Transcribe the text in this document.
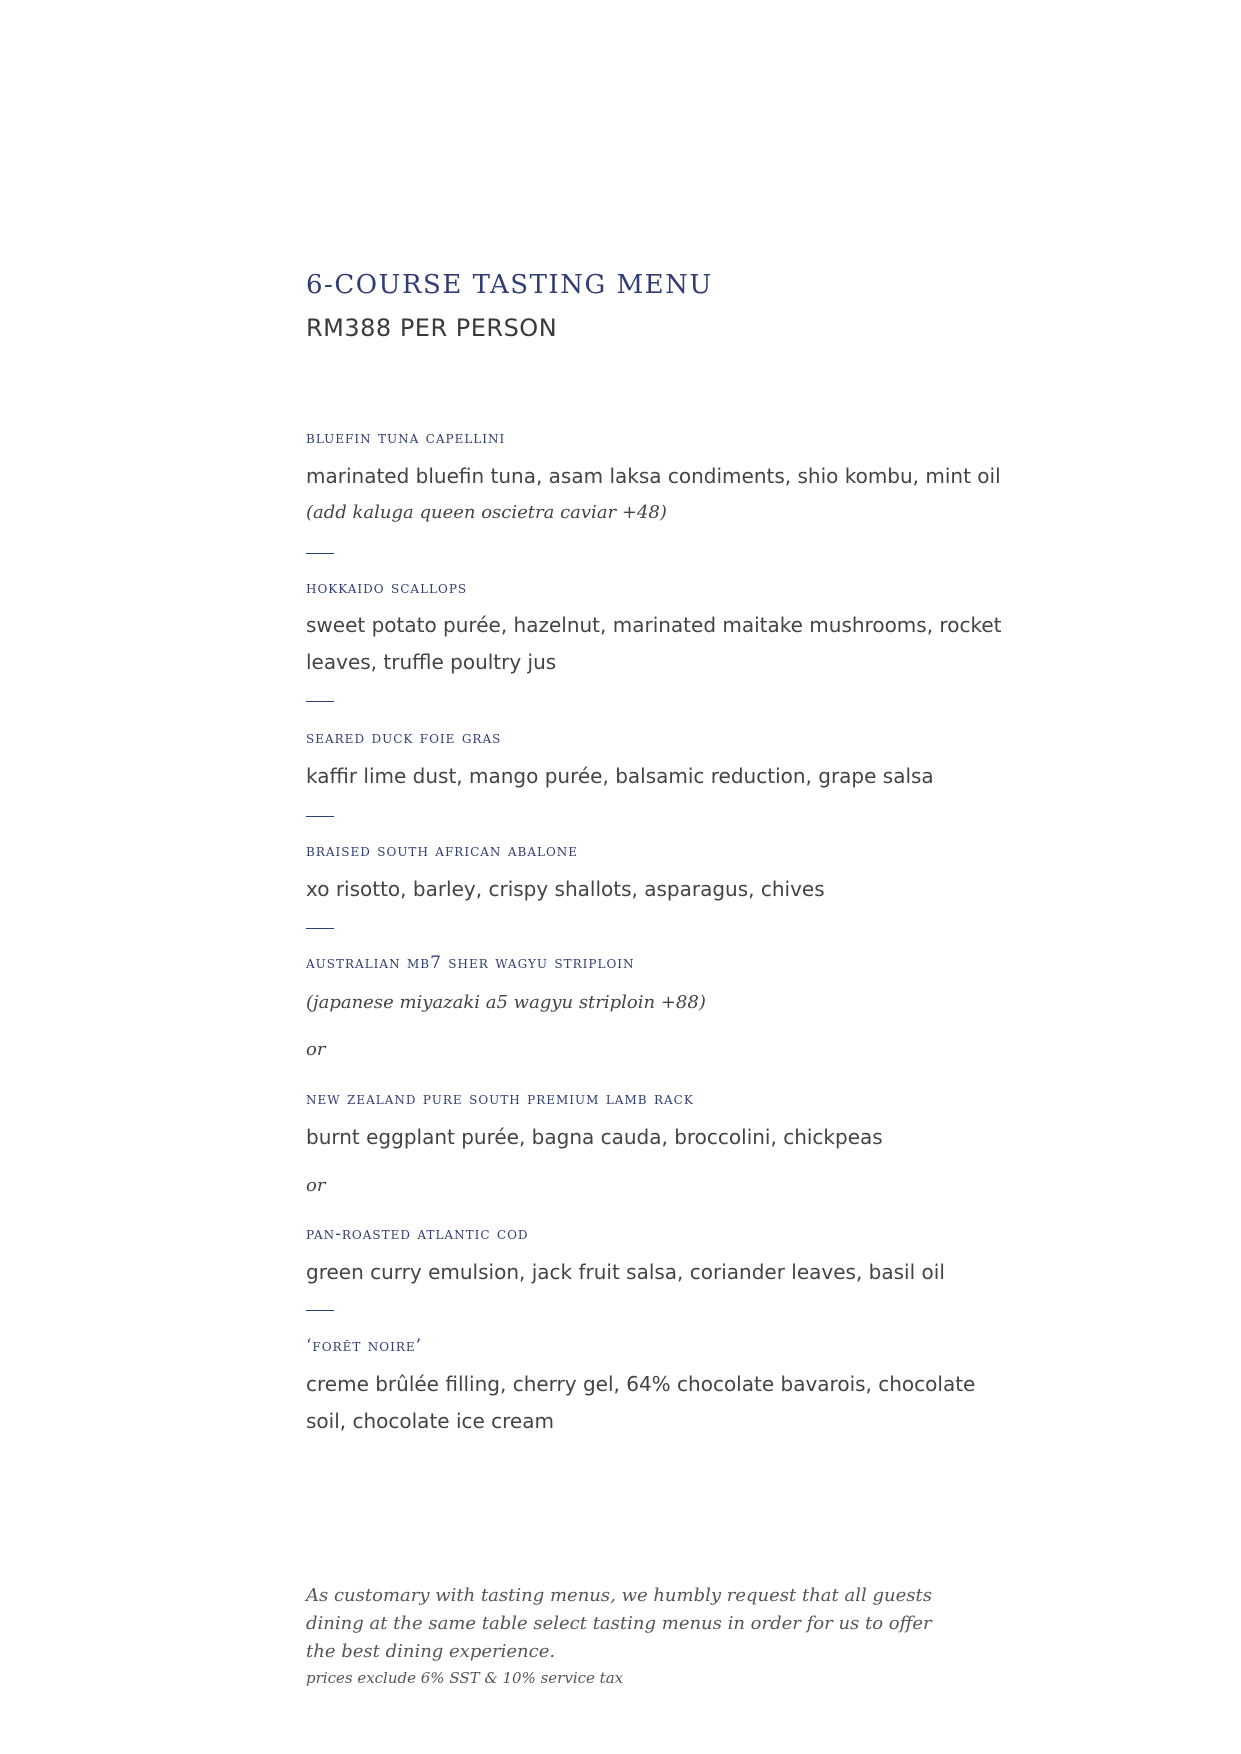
6-COURSE TASTING MENU
RM388 PER PERSON
bluefin tuna capellini
marinated bluefin tuna, asam laksa condiments, shio kombu, mint oil
(add kaluga queen oscietra caviar +48)
hokkaido scallops
sweet potato purée, hazelnut, marinated maitake mushrooms, rocket leaves, truffle poultry jus
seared duck foie gras
kaffir lime dust, mango purée, balsamic reduction, grape salsa
braised south african abalone
xo risotto, barley, crispy shallots, asparagus, chives
australian mb7 sher wagyu striploin
(japanese miyazaki a5 wagyu striploin +88)
or
new zealand pure south premium lamb rack
burnt eggplant purée, bagna cauda, broccolini, chickpeas
or
pan-roasted atlantic cod
green curry emulsion, jack fruit salsa, coriander leaves, basil oil
‘forêt noire’
creme brûlée filling, cherry gel, 64% chocolate bavarois, chocolate soil, chocolate ice cream
As customary with tasting menus, we humbly request that all guests dining at the same table select tasting menus in order for us to offer the best dining experience.
prices exclude 6% SST & 10% service tax
